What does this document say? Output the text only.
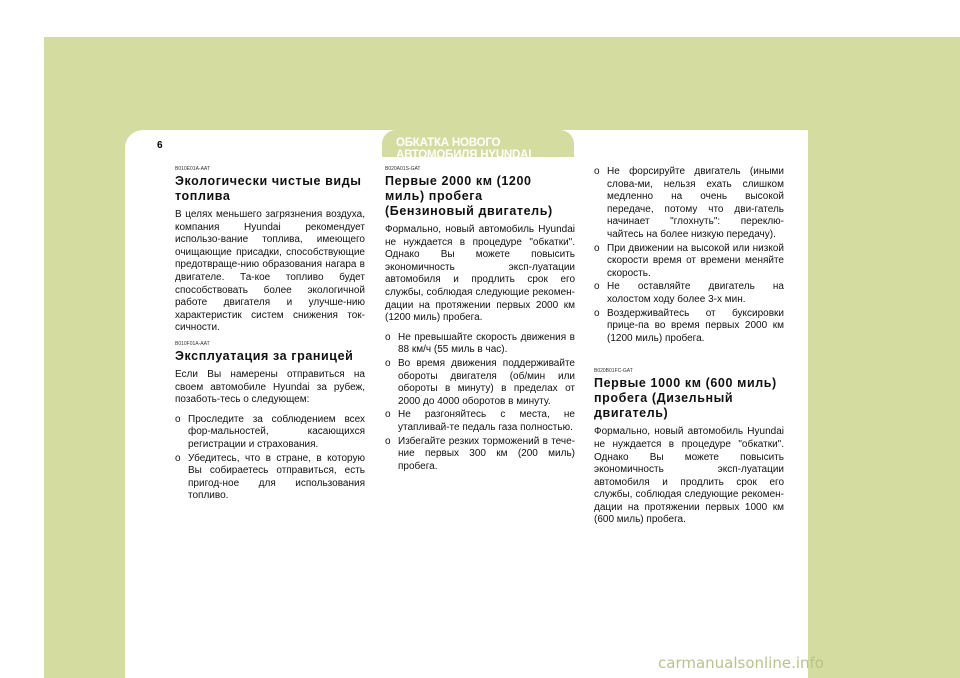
1 ХАРАКТЕРИСТИКИ АВТОМОБИЛЯ HYUNDAI
6	ОБКАТКА НОВОГО АВТОМОБИЛЯ HYUNDAI
B010E01A-AAT
Экологически чистые виды топлива

В целях меньшего загрязнения воздуха, компания Hyundai рекомендует использо-вание топлива, имеющего очищающие присадки, способствующие предотвраще-нию образования нагара в двигателе. Та-кое топливо будет способствовать более экологичной работе двигателя и улучше-нию характеристик систем снижения ток-сичности.

B010F01A-AAT
Эксплуатация за границей

Если Вы намерены отправиться на своем автомобиле Hyundai за рубеж, позаботь-тесь о следующем:

o Проследите за соблюдением всех фор-мальностей, касающихся регистрации и страхования.
o Убедитесь, что в стране, в которую Вы собираетесь отправиться, есть пригод-ное для использования топливо.
B020A01S-GAT
Первые 2000 км (1200 миль) пробега (Бензиновый двигатель)

Формально, новый автомобиль Hyundai не нуждается в процедуре "обкатки". Однако Вы можете повысить экономичность эксп-луатации автомобиля и продлить срок его службы, соблюдая следующие рекомен-дации на протяжении первых 2000 км (1200 миль) пробега.

o Не превышайте скорость движения в 88 км/ч (55 миль в час).
o Во время движения поддерживайте обороты двигателя (об/мин или обороты в минуту) в пределах от 2000 до 4000 оборотов в минуту.
o Не разгоняйтесь с места, не утапливай-те педаль газа полностью.
o Избегайте резких торможений в тече-ние первых 300 км (200 миль) пробега.
o Не форсируйте двигатель (иными слова-ми, нельзя ехать слишком медленно на очень высокой передаче, потому что дви-гатель начинает "глохнуть": переклю-чайтесь на более низкую передачу).
o При движении на высокой или низкой скорости время от времени меняйте скорость.
o Не оставляйте двигатель на холостом ходу более 3-х мин.
o Воздерживайтесь от буксировки прице-па во время первых 2000 км (1200 миль) пробега.
B020B01FC-GAT
Первые 1000 км (600 миль) пробега (Дизельный двигатель)

Формально, новый автомобиль Hyundai не нуждается в процедуре "обкатки". Однако Вы можете повысить экономичность эксп-луатации автомобиля и продлить срок его службы, соблюдая следующие рекомен-дации на протяжении первых 1000 км (600 миль) пробега.

carmanualsonline.info
